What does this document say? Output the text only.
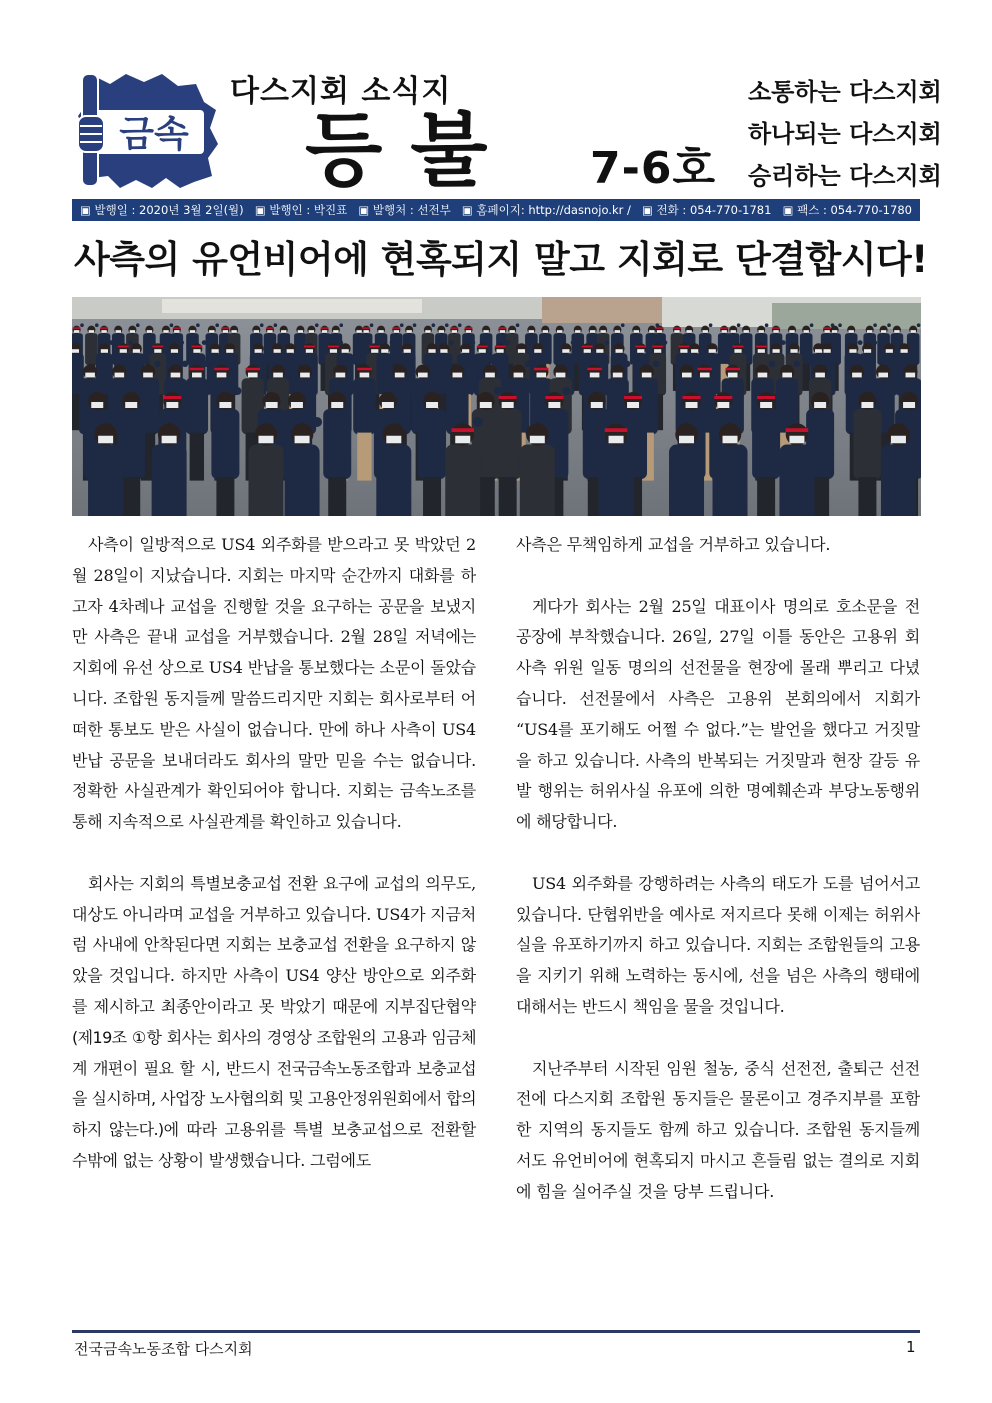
금속
다스지회 소식지
등불 7-6호
소통하는 다스지회
하나되는 다스지회
승리하는 다스지회
▣ 발행일 : 2020년 3월 2일(월) ▣ 발행인 : 박진표 ▣ 발행처 : 선전부 ▣ 홈페이지: http://dasnojo.kr / ▣ 전화 : 054-770-1781 ▣ 팩스 : 054-770-1780
사측의 유언비어에 현혹되지 말고 지회로 단결합시다!

사측이 일방적으로 US4 외주화를 받으라고 못 박았던 2월 28일이 지났습니다. 지회는 마지막 순간까지 대화를 하고자 4차례나 교섭을 진행할 것을 요구하는 공문을 보냈지만 사측은 끝내 교섭을 거부했습니다. 2월 28일 저녁에는 지회에 유선 상으로 US4 반납을 통보했다는 소문이 돌았습니다. 조합원 동지들께 말씀드리지만 지회는 회사로부터 어떠한 통보도 받은 사실이 없습니다. 만에 하나 사측이 US4 반납 공문을 보내더라도 회사의 말만 믿을 수는 없습니다. 정확한 사실관계가 확인되어야 합니다. 지회는 금속노조를 통해 지속적으로 사실관계를 확인하고 있습니다.

회사는 지회의 특별보충교섭 전환 요구에 교섭의 의무도, 대상도 아니라며 교섭을 거부하고 있습니다. US4가 지금처럼 사내에 안착된다면 지회는 보충교섭 전환을 요구하지 않았을 것입니다. 하지만 사측이 US4 양산 방안으로 외주화를 제시하고 최종안이라고 못 박았기 때문에 지부집단협약(제19조 ①항 회사는 회사의 경영상 조합원의 고용과 임금체계 개편이 필요 할 시, 반드시 전국금속노동조합과 보충교섭을 실시하며, 사업장 노사협의회 및 고용안정위원회에서 합의하지 않는다.)에 따라 고용위를 특별 보충교섭으로 전환할 수밖에 없는 상황이 발생했습니다. 그럼에도

사측은 무책임하게 교섭을 거부하고 있습니다.

게다가 회사는 2월 25일 대표이사 명의로 호소문을 전 공장에 부착했습니다. 26일, 27일 이틀 동안은 고용위 회사측 위원 일동 명의의 선전물을 현장에 몰래 뿌리고 다녔습니다. 선전물에서 사측은 고용위 본회의에서 지회가 “US4를 포기해도 어쩔 수 없다.”는 발언을 했다고 거짓말을 하고 있습니다. 사측의 반복되는 거짓말과 현장 갈등 유발 행위는 허위사실 유포에 의한 명예훼손과 부당노동행위에 해당합니다.

US4 외주화를 강행하려는 사측의 태도가 도를 넘어서고 있습니다. 단협위반을 예사로 저지르다 못해 이제는 허위사실을 유포하기까지 하고 있습니다. 지회는 조합원들의 고용을 지키기 위해 노력하는 동시에, 선을 넘은 사측의 행태에 대해서는 반드시 책임을 물을 것입니다.

지난주부터 시작된 임원 철농, 중식 선전전, 출퇴근 선전전에 다스지회 조합원 동지들은 물론이고 경주지부를 포함한 지역의 동지들도 함께 하고 있습니다. 조합원 동지들께서도 유언비어에 현혹되지 마시고 흔들림 없는 결의로 지회에 힘을 실어주실 것을 당부 드립니다.

전국금속노동조합 다스지회	1
